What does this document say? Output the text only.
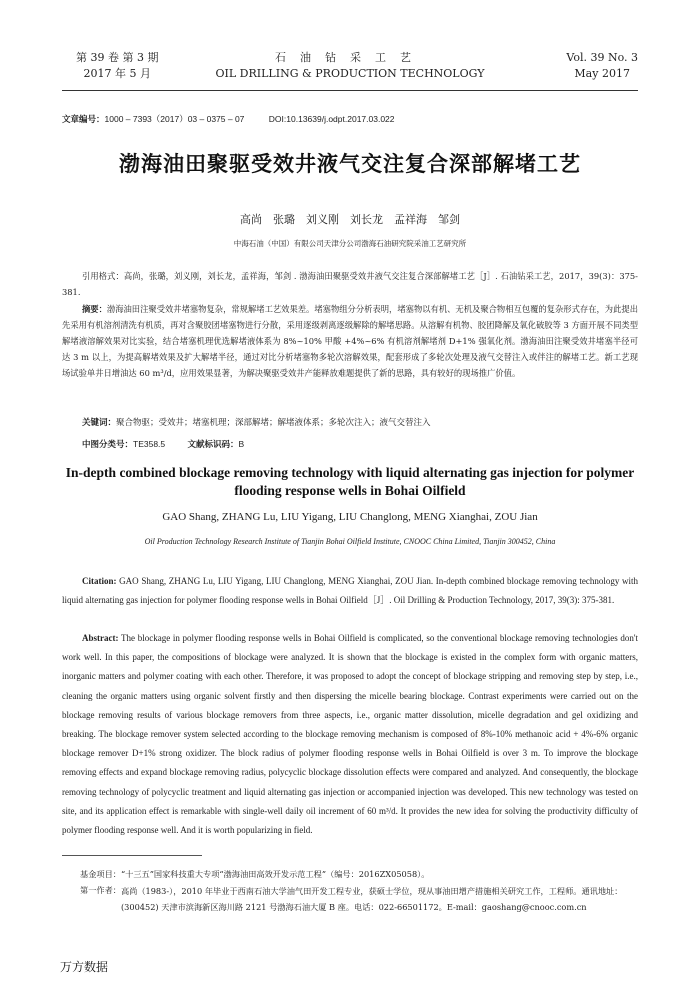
第 39 卷 第 3 期
2017 年 5 月
石油钻采工艺
OIL DRILLING & PRODUCTION TECHNOLOGY
Vol. 39 No. 3
May 2017
文章编号：1000 – 7393（2017）03 – 0375 – 07	DOI:10.13639/j.odpt.2017.03.022
渤海油田聚驱受效井液气交注复合深部解堵工艺
高尚　张璐　刘义刚　刘长龙　孟祥海　邹剑
中海石油（中国）有限公司天津分公司渤海石油研究院采油工艺研究所
引用格式：高尚，张璐，刘义刚，刘长龙，孟祥海，邹剑 . 渤海油田聚驱受效井液气交注复合深部解堵工艺［J］. 石油钻采工艺，2017，39(3)：375-381.
摘要：渤海油田注聚受效井堵塞物复杂，常规解堵工艺效果差。堵塞物组分分析表明，堵塞物以有机、无机及聚合物相互包覆的复杂形式存在，为此提出先采用有机溶剂清洗有机质，再对含聚胶团堵塞物进行分散，采用逐级剥离逐级解除的解堵思路。从溶解有机物、胶团降解及氧化破胶等 3 方面开展不同类型解堵液溶解效果对比实验，结合堵塞机理优选解堵液体系为 8%~10% 甲酸 +4%~6% 有机溶剂解堵剂 D+1% 强氧化剂。渤海油田注聚受效井堵塞半径可达 3 m 以上，为提高解堵效果及扩大解堵半径，通过对比分析堵塞物多轮次溶解效果，配套形成了多轮次处理及液气交替注入或伴注的解堵工艺。新工艺现场试验单井日增油达 60 m³/d，应用效果显著，为解决聚驱受效井产能释放难题提供了新的思路，具有较好的现场推广价值。
关键词：聚合物驱；受效井；堵塞机理；深部解堵；解堵液体系；多轮次注入；液气交替注入
中图分类号：TE358.5	文献标识码：B
In-depth combined blockage removing technology with liquid alternating gas injection for polymer flooding response wells in Bohai Oilfield
GAO Shang, ZHANG Lu, LIU Yigang, LIU Changlong, MENG Xianghai, ZOU Jian
Oil Production Technology Research Institute of Tianjin Bohai Oilfield Institute, CNOOC China Limited, Tianjin 300452, China
Citation: GAO Shang, ZHANG Lu, LIU Yigang, LIU Changlong, MENG Xianghai, ZOU Jian. In-depth combined blockage removing technology with liquid alternating gas injection for polymer flooding response wells in Bohai Oilfield［J］. Oil Drilling & Production Technology, 2017, 39(3): 375-381.
Abstract: The blockage in polymer flooding response wells in Bohai Oilfield is complicated, so the conventional blockage removing technologies don't work well. In this paper, the compositions of blockage were analyzed. It is shown that the blockage is existed in the complex form with organic matters, inorganic matters and polymer coating with each other. Therefore, it was proposed to adopt the concept of blockage stripping and removing step by step, i.e., cleaning the organic matters using organic solvent firstly and then dispersing the micelle bearing blockage. Contrast experiments were carried out on the blockage removing results of various blockage removers from three aspects, i.e., organic matter dissolution, micelle degradation and gel oxidizing and breaking. The blockage remover system selected according to the blockage removing mechanism is composed of 8%-10% methanoic acid + 4%-6% organic blockage remover D+1% strong oxidizer. The block radius of polymer flooding response wells in Bohai Oilfield is over 3 m. To improve the blockage removing effects and expand blockage removing radius, polycyclic blockage dissolution effects were compared and analyzed. And consequently, the blockage removing technology of polycyclic treatment and liquid alternating gas injection or accompanied injection was developed. This new technology was tested on site, and its application effect is remarkable with single-well daily oil increment of 60 m³/d. It provides the new idea for solving the productivity difficulty of polymer flooding response well. And it is worth popularizing in field.
基金项目：“十三五”国家科技重大专项“渤海油田高效开发示范工程”（编号：2016ZX05058）。
第一作者： 高尚（1983-），2010 年毕业于西南石油大学油气田开发工程专业，获硕士学位，现从事油田增产措施相关研究工作，工程师。通讯地址：(300452) 天津市滨海新区海川路 2121 号渤海石油大厦 B 座。电话：022-66501172。E-mail：gaoshang@cnooc.com.cn
万方数据
